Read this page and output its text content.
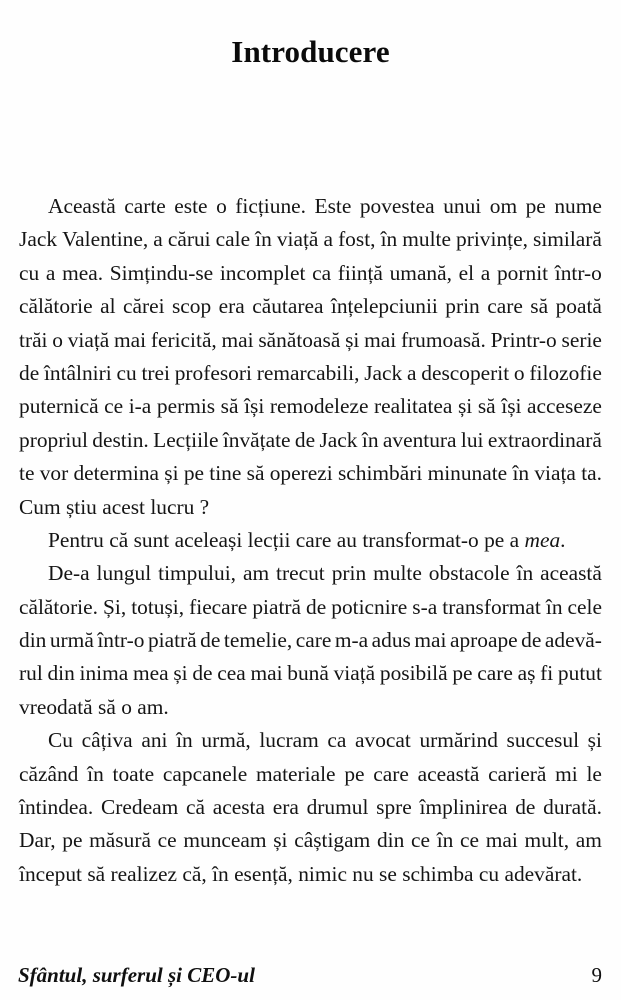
Introducere
Această carte este o ficțiune. Este povestea unui om pe nume
Jack Valentine, a cărui cale în viață a fost, în multe privințe, similară
cu a mea. Simțindu-se incomplet ca ființă umană, el a pornit într-o
călătorie al cărei scop era căutarea înțelepciunii prin care să poată
trăi o viață mai fericită, mai sănătoasă și mai frumoasă. Printr-o serie
de întâlniri cu trei profesori remarcabili, Jack a descoperit o filozofie
puternică ce i-a permis să își remodeleze realitatea și să își acceseze
propriul destin. Lecțiile învățate de Jack în aventura lui extraordinară
te vor determina și pe tine să operezi schimbări minunate în viața ta.
Cum știu acest lucru ?
Pentru că sunt aceleași lecții care au transformat-o pe a mea.
De-a lungul timpului, am trecut prin multe obstacole în această
călătorie. Și, totuși, fiecare piatră de poticnire s-a transformat în cele
din urmă într-o piatră de temelie, care m-a adus mai aproape de adevă-
rul din inima mea și de cea mai bună viață posibilă pe care aș fi putut
vreodată să o am.
Cu câțiva ani în urmă, lucram ca avocat urmărind succesul și
căzând în toate capcanele materiale pe care această carieră mi le
întindea. Credeam că acesta era drumul spre împlinirea de durată.
Dar, pe măsură ce munceam și câștigam din ce în ce mai mult, am
început să realizez că, în esență, nimic nu se schimba cu adevărat.
Sfântul, surferul și CEO-ul	9
